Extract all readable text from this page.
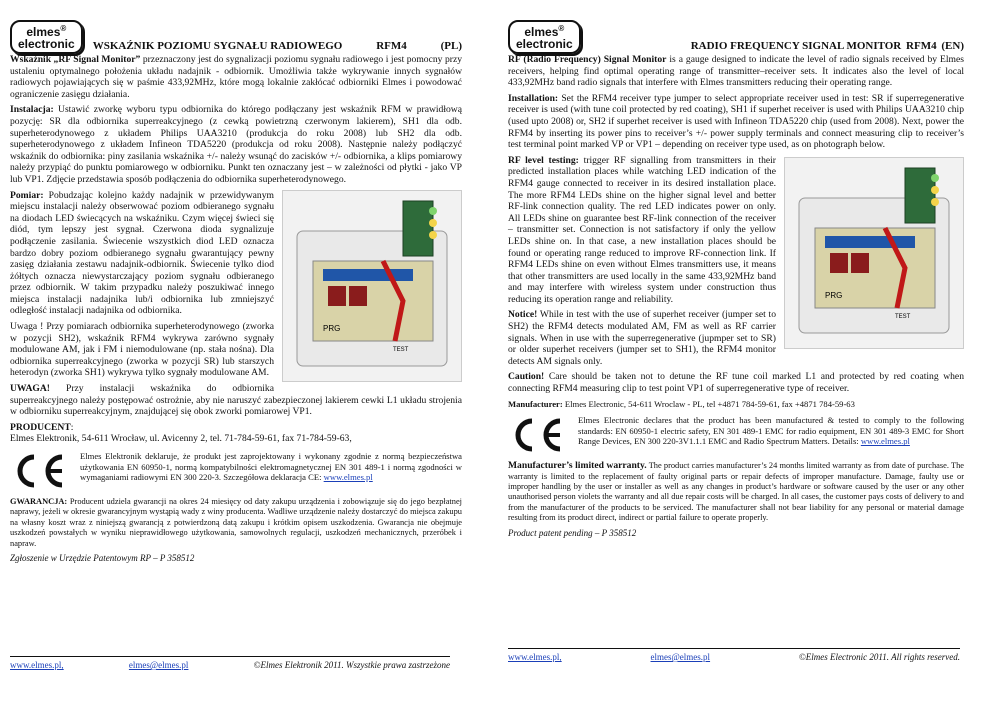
elmes®
electronic	WSKAŹNIK POZIOMU SYGNAŁU RADIOWEGO	RFM4	(PL)

Wskaźnik „RF Signal Monitor” przeznaczony jest do sygnalizacji poziomu sygnału radiowego i jest pomocny przy ustaleniu optymalnego położenia układu nadajnik - odbiornik. Umożliwia także wykrywanie innych sygnałów radiowych pojawiających się w paśmie 433,92MHz, które mogą lokalnie zakłócać odbiorniki Elmes i powodować ograniczenie zasięgu działania.

Instalacja: Ustawić zworkę wyboru typu odbiornika do którego podłączany jest wskaźnik RFM w prawidłową pozycję: SR dla odbiornika superreakcyjnego (z cewką powietrzną czerwonym lakierem), SH1 dla odb. superheterodynowego z układem Philips UAA3210 (produkcja do roku 2008) lub SH2 dla odb. superheterodynowego z układem Infineon TDA5220 (produkcja od roku 2008). Następnie należy podłączyć wskaźnik do odbiornika: piny zasilania wskaźnika +/- należy wsunąć do zacisków +/- odbiornika, a klips pomiarowy należy przypiąć do punktu pomiarowego w odbiorniku. Punkt ten oznaczany jest – w zależności od płytki - jako VP lub VP1. Zdjęcie przedstawia sposób podłączenia do odbiornika superheterodynowego.

PRG
TEST

Pomiar: Pobudzając kolejno każdy nadajnik w przewidywanym miejscu instalacji należy obserwować poziom odbieranego sygnału na diodach LED świecących na wskaźniku. Czym więcej świeci się diód, tym lepszy jest sygnał. Czerwona dioda sygnalizuje podłączenie zasilania. Świecenie wszystkich diod LED oznacza bardzo dobry poziom odbieranego sygnału gwarantujący pewny zasięg działania zestawu nadajnik-odbiornik. Świecenie tylko diod żółtych oznacza niewystarczający poziom sygnału odbieranego przez odbiornik. W takim przypadku należy poszukiwać innego miejsca instalacji nadajnika lub/i odbiornika lub zmniejszyć odległość instalacji nadajnika od odbiornika.

Uwaga ! Przy pomiarach odbiornika superheterodynowego (zworka w pozycji SH2), wskaźnik RFM4 wykrywa zarówno sygnały modulowane AM, jak i FM i niemodulowane (np. stała nośna). Dla odbiornika superreakcyjnego (zworka w pozycji SR) lub starszych heterodyn (zworka SH1) wykrywa tylko sygnały modulowane AM.

UWAGA! Przy instalacji wskaźnika do odbiornika superreakcyjnego należy postępować ostrożnie, aby nie naruszyć zabezpieczonej lakierem cewki L1 układu strojenia w odbiorniku superreakcyjnym, znajdującej się obok zworki pomiarowej VP1.

PRODUCENT:
Elmes Elektronik, 54-611 Wrocław, ul. Avicenny 2, tel. 71-784-59-61, fax 71-784-59-63,

Elmes Elektronik deklaruje, że produkt jest zaprojektowany i wykonany zgodnie z normą bezpieczeństwa użytkowania EN 60950-1, normą kompatybilności elektromagnetycznej EN 301 489-1 i normą zgodności w wymaganiami radiowymi EN 300 220-3. Szczegółowa deklaracja CE: www.elmes.pl

GWARANCJA: Producent udziela gwarancji na okres 24 miesięcy od daty zakupu urządzenia i zobowiązuje się do jego bezpłatnej naprawy, jeżeli w okresie gwarancyjnym wystąpią wady z winy producenta. Wadliwe urządzenie należy dostarczyć do miejsca zakupu na własny koszt wraz z niniejszą gwarancją z potwierdzoną datą zakupu i krótkim opisem uszkodzenia. Gwarancja nie obejmuje uszkodzeń powstałych w wyniku nieprawidłowego użytkowania, samowolnych regulacji, uszkodzeń mechanicznych, przeróbek i napraw.

Zgłoszenie w Urzędzie Patentowym RP – P 358512

www.elmes.pl,	elmes@elmes.pl	©Elmes Elektronik 2011. Wszystkie prawa zastrzeżone
elmes®
electronic	RADIO FREQUENCY SIGNAL MONITOR RFM4 (EN)

RF (Radio Frequency) Signal Monitor is a gauge designed to indicate the level of radio signals received by Elmes receivers, helping find optimal operating range of transmitter–receiver sets. It indicates also the level of local 433,92MHz band radio signals that interfere with Elmes transmitters reducing their operating range.

Installation: Set the RFM4 receiver type jumper to select appropriate receiver used in test: SR if superregenerative receiver is used (with tune coil protected by red coating), SH1 if superhet receiver is used with Philips UAA3210 chip (used upto 2008) or, SH2 if superhet receiver is used with Infineon TDA5220 chip (used from 2008). Next, power the RFM4 by inserting its power pins to receiver’s +/- power supply terminals and connect measuring clip to receiver’s test terminal point marked VP or VP1 – depending on receiver type used, as on photograph below.

PRG
TEST

RF level testing: trigger RF signalling from transmitters in their predicted installation places while watching LED indication of the RFM4 gauge connected to receiver in its desired installation place. The more RFM4 LEDs shine on the higher signal level and better RF-link connection quality. The red LED indicates power on only. All LEDs shine on guarantee best RF-link connection of the receiver – transmitter set. Connection is not satisfactory if only the yellow LEDs shine on. In that case, a new installation places should be found or operating range reduced to improve RF-connection link. If RFM4 LEDs shine on even without Elmes transmitters use, it means that other transmitters are used locally in the same 433,92MHz band and may interfere with wireless system under construction thus reducing its operation range and reliability.

Notice! While in test with the use of superhet receiver (jumper set to SH2) the RFM4 detects modulated AM, FM as well as RF carrier signals. When in use with the superregenerative (jupmper set to SR) or older superhet receivers (jumper set to SH1), the RFM4 monitor detects AM signals only.

Caution! Care should be taken not to detune the RF tune coil marked L1 and protected by red coating when connecting RFM4 measuring clip to test point VP1 of superregenerative type of receiver.

Manufacturer: Elmes Electronic, 54-611 Wroclaw - PL, tel +4871 784-59-61, fax +4871 784-59-63

Elmes Electronic declares that the product has been manufactured & tested to comply to the following standards: EN 60950-1 electric safety, EN 301 489-1 EMC for radio equipment, EN 301 489-3 EMC for Short Range Devices, EN 300 220-3V1.1.1 EMC and Radio Spectrum Matters. Details: www.elmes.pl

Manufacturer’s limited warranty. The product carries manufacturer’s 24 months limited warranty as from date of purchase. The warranty is limited to the replacement of faulty original parts or repair defects of improper manufacture. Damage, faulty use or improper handling by the user or installer as well as any changes in product’s hardware or software caused by the user or any other unauthorised person violets the warranty and all due repair costs will be charged. In all cases, the customer pays costs of delivery to and from the manufacturer of the products to be serviced. The manufacturer shall not bear liability for any personal or material damage resulting from its product direct, indirect or partial failure to operate properly.

Product patent pending – P 358512

www.elmes.pl,	elmes@elmes.pl	©Elmes Electronic 2011. All rights reserved.
